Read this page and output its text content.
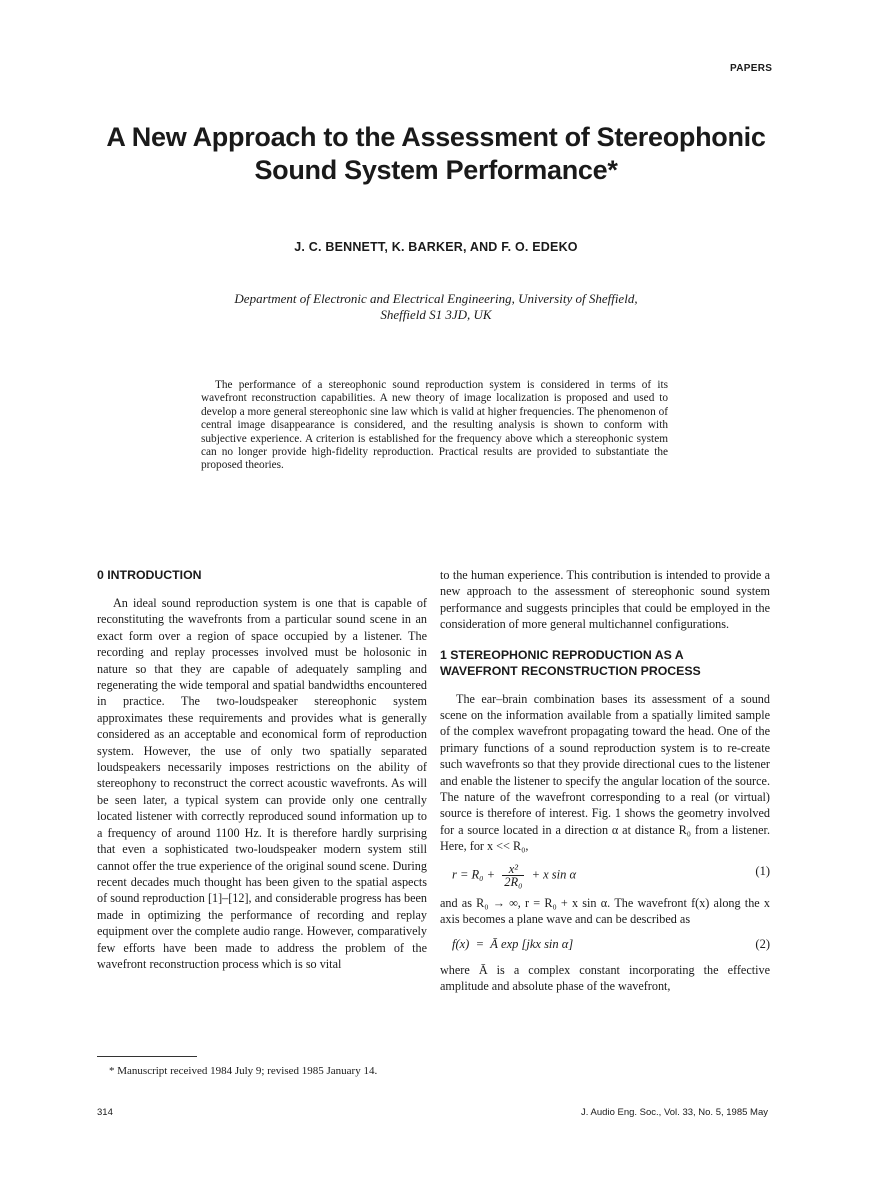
PAPERS
A New Approach to the Assessment of Stereophonic
Sound System Performance*
J. C. BENNETT, K. BARKER, AND F. O. EDEKO
Department of Electronic and Electrical Engineering, University of Sheffield,
Sheffield S1 3JD, UK

The performance of a stereophonic sound reproduction system is considered in terms of its wavefront reconstruction capabilities. A new theory of image localization is proposed and used to develop a more general stereophonic sine law which is valid at higher frequencies. The phenomenon of central image disappearance is considered, and the resulting analysis is shown to conform with subjective experience. A criterion is established for the frequency above which a stereophonic system can no longer provide high-fidelity reproduction. Practical results are provided to substantiate the proposed theories.

0 INTRODUCTION

An ideal sound reproduction system is one that is capable of reconstituting the wavefronts from a particular sound scene in an exact form over a region of space occupied by a listener. The recording and replay processes involved must be holosonic in nature so that they are capable of adequately sampling and regenerating the wide temporal and spatial bandwidths encountered in practice. The two-loudspeaker stereophonic system approximates these requirements and provides what is generally considered as an acceptable and economical form of reproduction system. However, the use of only two spatially separated loudspeakers necessarily imposes restrictions on the ability of stereophony to reconstruct the correct acoustic wavefronts. As will be seen later, a typical system can provide only one centrally located listener with correctly reproduced sound information up to a frequency of around 1100 Hz. It is therefore hardly surprising that even a sophisticated two-loudspeaker modern system still cannot offer the true experience of the original sound scene. During recent decades much thought has been given to the spatial aspects of sound reproduction [1]–[12], and considerable progress has been made in optimizing the performance of recording and replay equipment over the complete audio range. However, comparatively few efforts have been made to address the problem of the wavefront reconstruction process which is so vital

to the human experience. This contribution is intended to provide a new approach to the assessment of stereophonic sound system performance and suggests principles that could be employed in the consideration of more general multichannel configurations.

1 STEREOPHONIC REPRODUCTION AS A
WAVEFRONT RECONSTRUCTION PROCESS

The ear–brain combination bases its assessment of a sound scene on the information available from a spatially limited sample of the complex wavefront propagating toward the head. One of the primary functions of a sound reproduction system is to re-create such wavefronts so that they provide directional cues to the listener and enable the listener to specify the angular location of the source. The nature of the wavefront corresponding to a real (or virtual) source is therefore of interest. Fig. 1 shows the geometry involved for a source located in a direction α at distance R₀ from a listener. Here, for x << R₀,

$r = R_0 + \frac{\text{x²}}{\text{2R₀}} + x$ sin α	(1)

and as R₀ → ∞, r = R₀ + x sin α. The wavefront f(x) along the x axis becomes a plane wave and can be described as

f(x)  =  Ā exp [jkx sin α]	(2)

where Ā is a complex constant incorporating the effective amplitude and absolute phase of the wavefront,

* Manuscript received 1984 July 9; revised 1985 January 14.
314	J. Audio Eng. Soc., Vol. 33, No. 5, 1985 May
